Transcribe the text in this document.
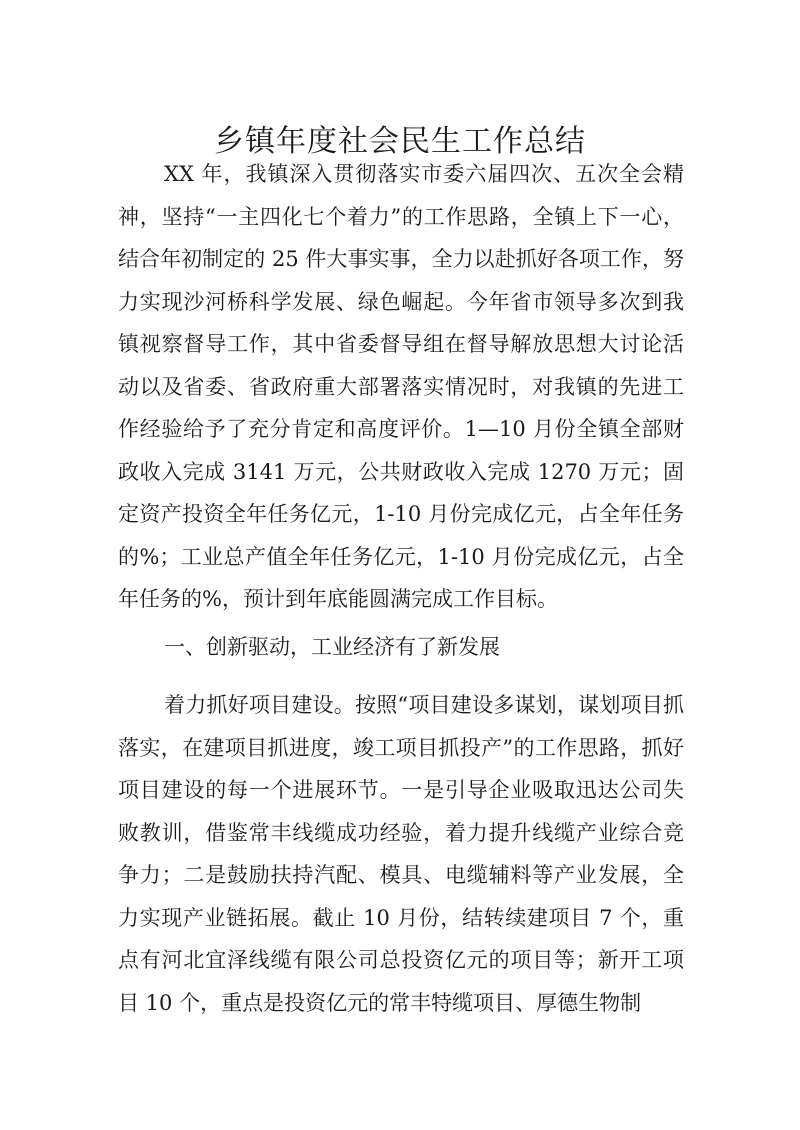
乡镇年度社会民生工作总结

XX 年，我镇深入贯彻落实市委六届四次、五次全会精神，坚持“一主四化七个着力”的工作思路，全镇上下一心，结合年初制定的 25 件大事实事，全力以赴抓好各项工作，努力实现沙河桥科学发展、绿色崛起。今年省市领导多次到我镇视察督导工作，其中省委督导组在督导解放思想大讨论活动以及省委、省政府重大部署落实情况时，对我镇的先进工作经验给予了充分肯定和高度评价。1—10 月份全镇全部财政收入完成 3141 万元，公共财政收入完成 1270 万元；固定资产投资全年任务亿元，1-10 月份完成亿元，占全年任务的%；工业总产值全年任务亿元，1-10 月份完成亿元，占全年任务的%，预计到年底能圆满完成工作目标。

一、创新驱动，工业经济有了新发展

着力抓好项目建设。按照“项目建设多谋划，谋划项目抓落实，在建项目抓进度，竣工项目抓投产”的工作思路，抓好项目建设的每一个进展环节。一是引导企业吸取迅达公司失败教训，借鉴常丰线缆成功经验，着力提升线缆产业综合竞争力；二是鼓励扶持汽配、模具、电缆辅料等产业发展，全力实现产业链拓展。截止 10 月份，结转续建项目 7 个，重点有河北宜泽线缆有限公司总投资亿元的项目等；新开工项目 10 个，重点是投资亿元的常丰特缆项目、厚德生物制
